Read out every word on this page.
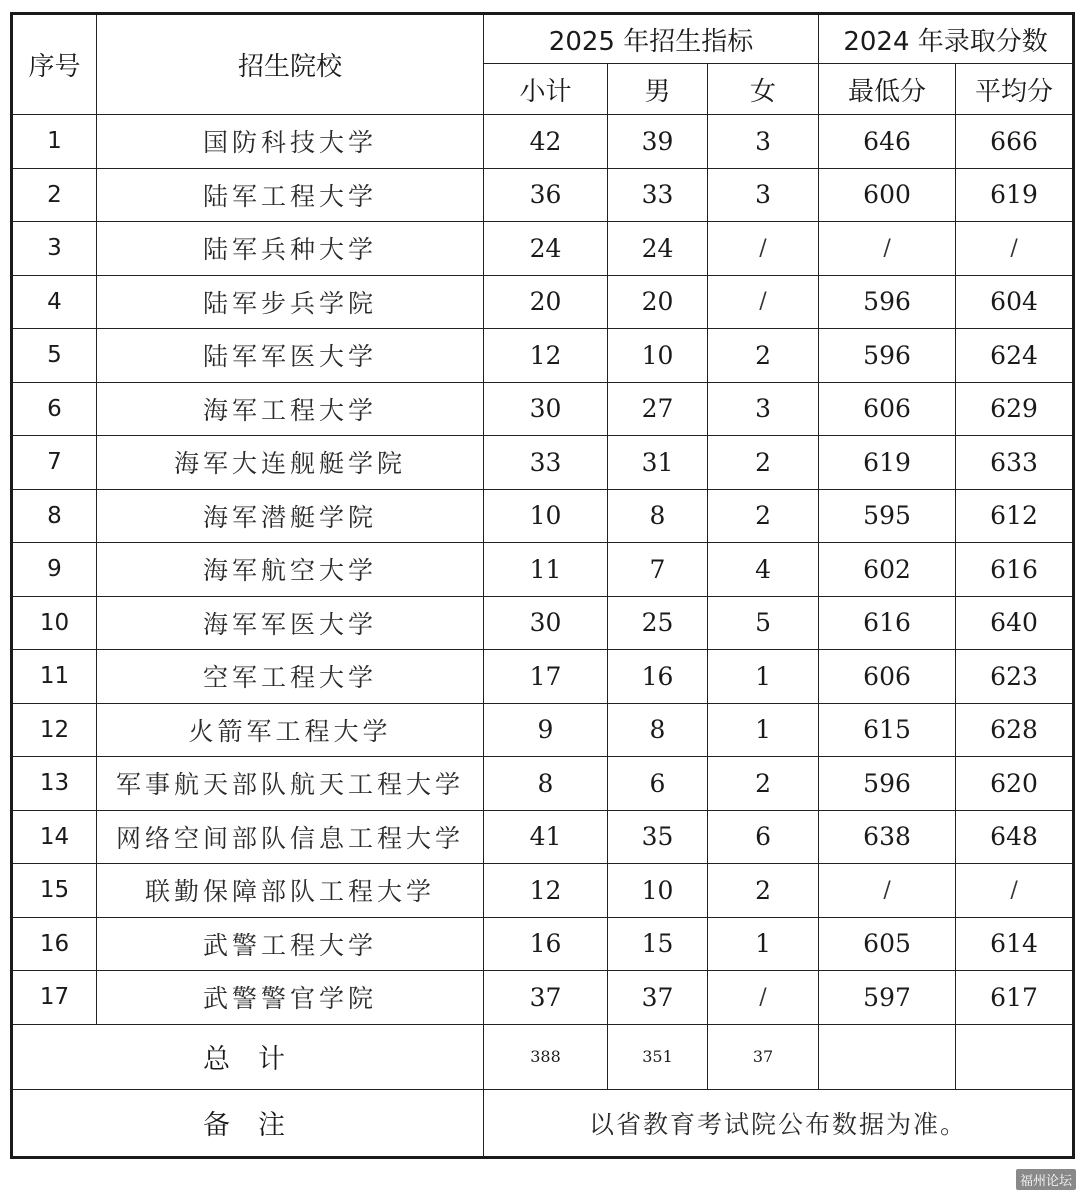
序号	招生院校	2025 年招生指标			2024 年录取分数	
		小计	男	女	最低分	平均分
1	国防科技大学	42	39	3	646	666
2	陆军工程大学	36	33	3	600	619
3	陆军兵种大学	24	24	/	/	/
4	陆军步兵学院	20	20	/	596	604
5	陆军军医大学	12	10	2	596	624
6	海军工程大学	30	27	3	606	629
7	海军大连舰艇学院	33	31	2	619	633
8	海军潜艇学院	10	8	2	595	612
9	海军航空大学	11	7	4	602	616
10	海军军医大学	30	25	5	616	640
11	空军工程大学	17	16	1	606	623
12	火箭军工程大学	9	8	1	615	628
13	军事航天部队航天工程大学	8	6	2	596	620
14	网络空间部队信息工程大学	41	35	6	638	648
15	联勤保障部队工程大学	12	10	2	/	/
16	武警工程大学	16	15	1	605	614
17	武警警官学院	37	37	/	597	617
总计		388	351	37		
备注		以省教育考试院公布数据为准。				
福州论坛
